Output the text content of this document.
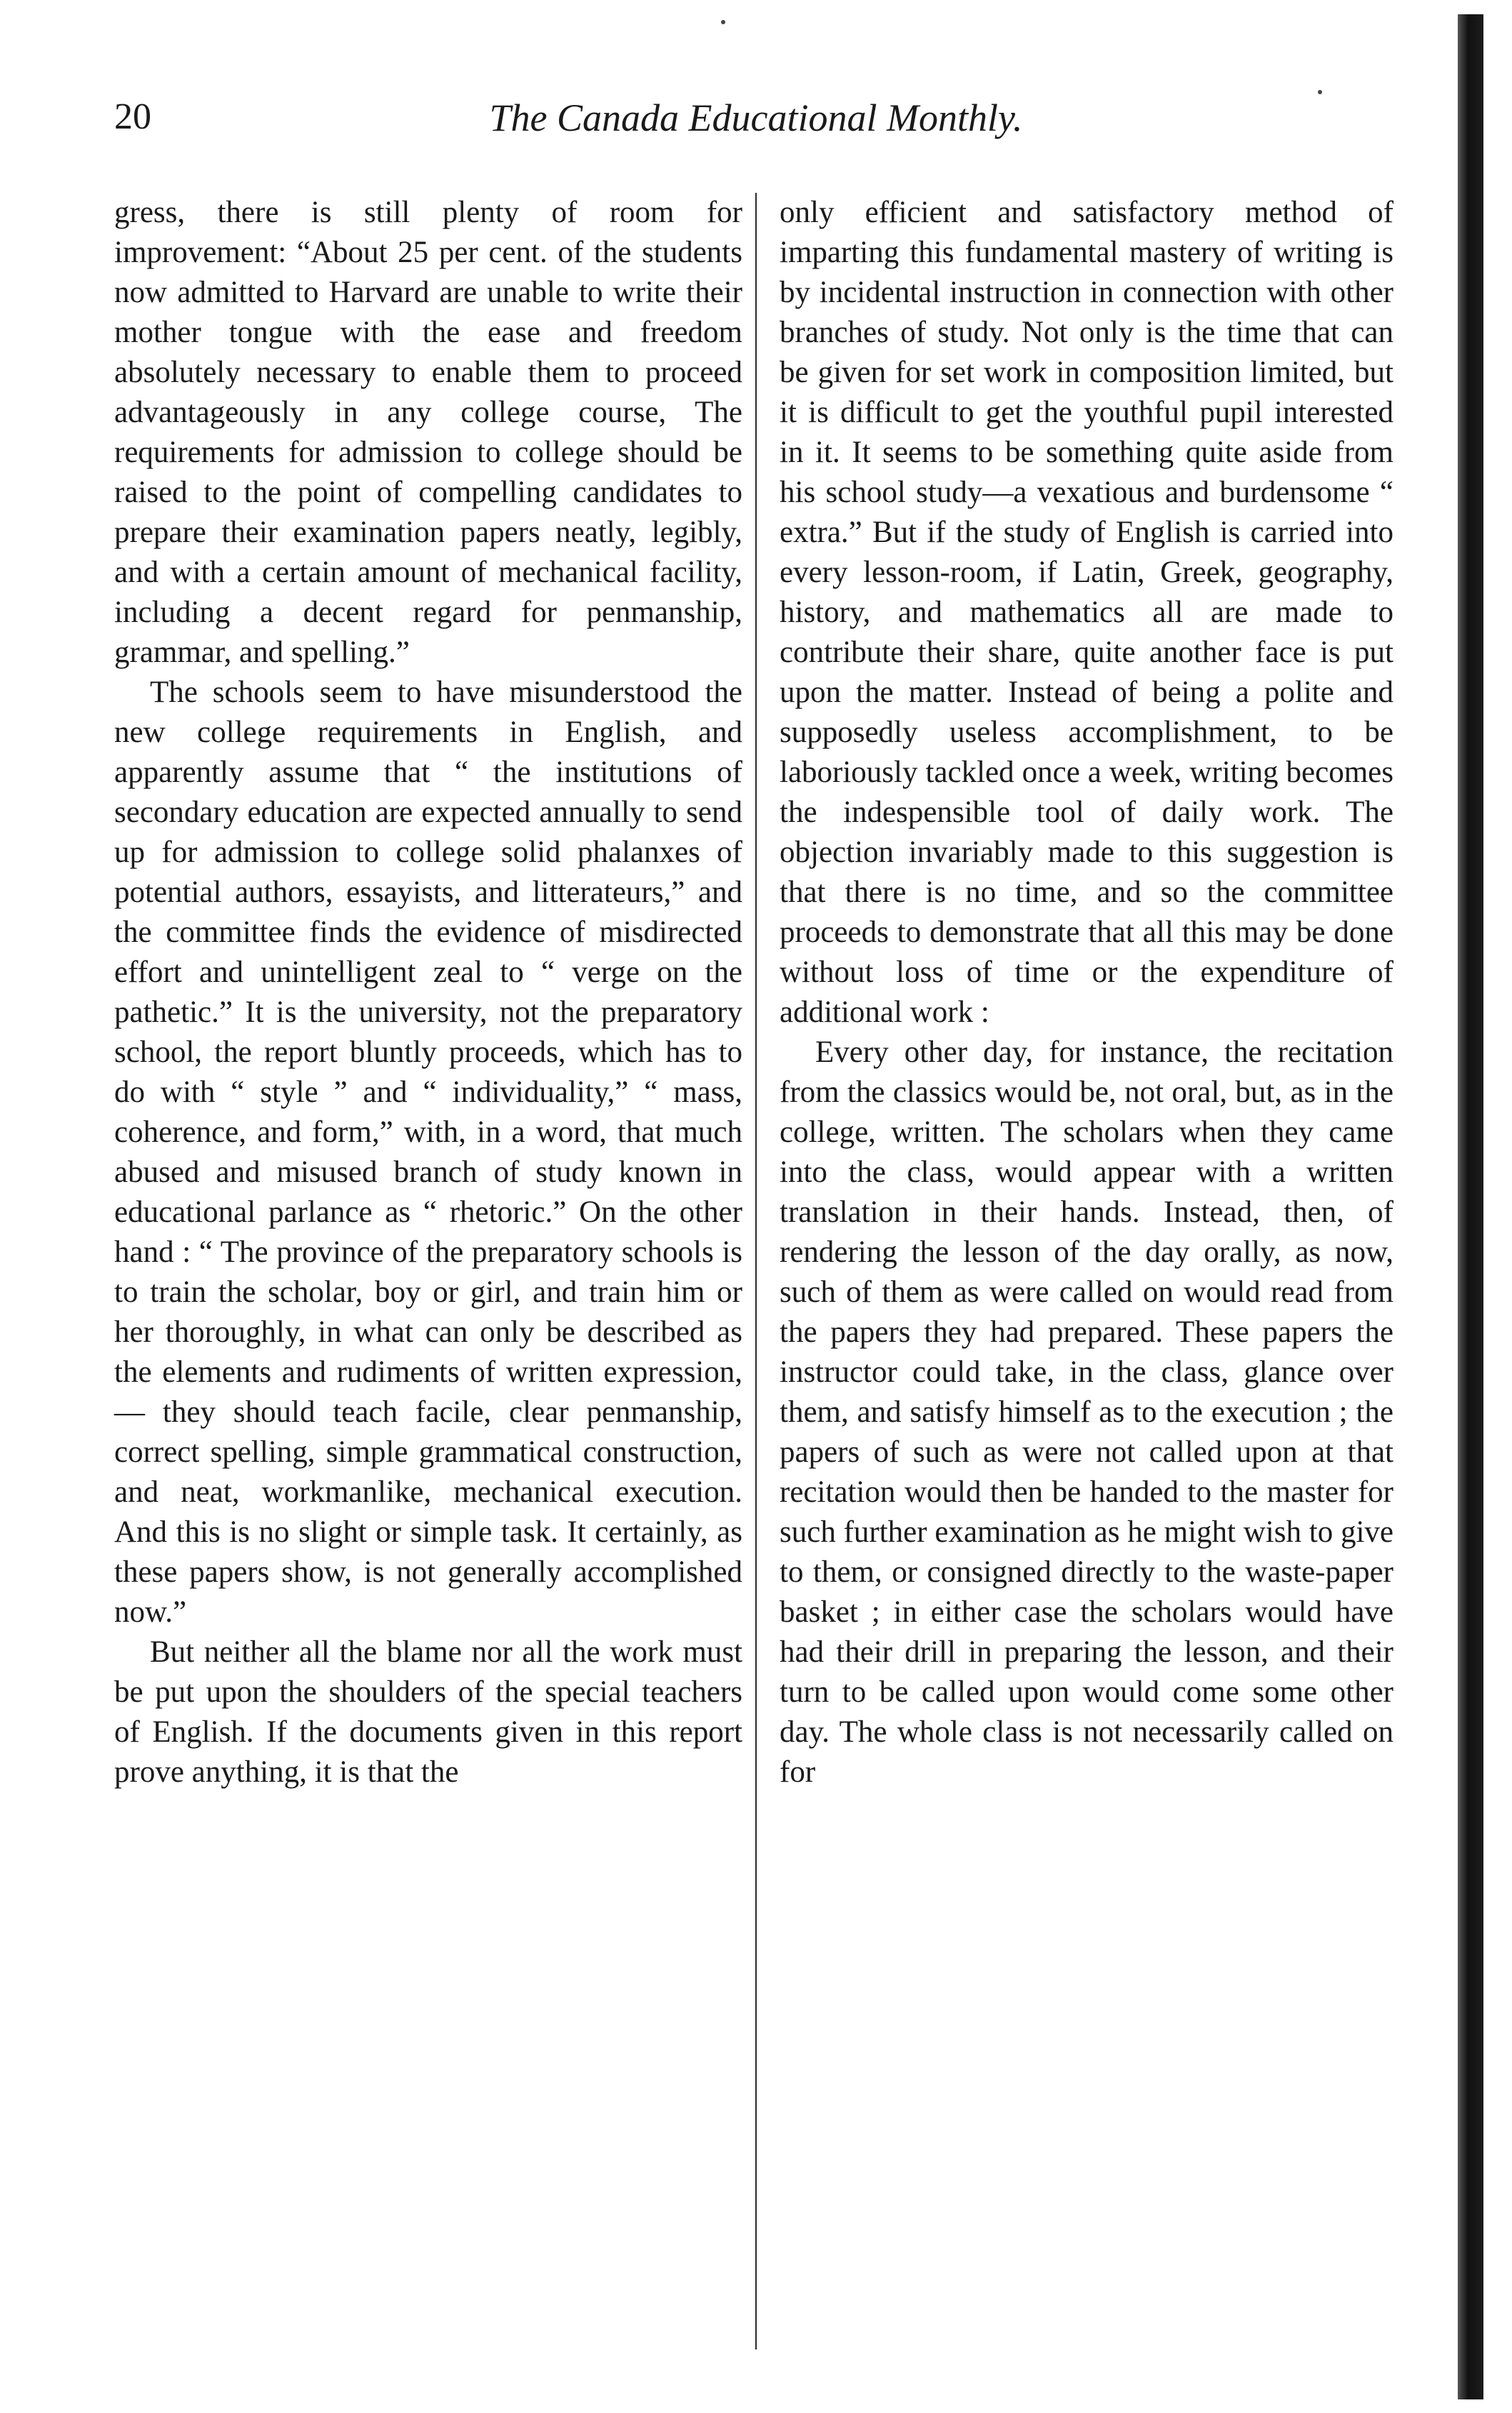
20	The Canada Educational Monthly.

gress, there is still plenty of room for improvement: “About 25 per cent. of the students now admitted to Harvard are unable to write their mother tongue with the ease and freedom absolutely necessary to enable them to proceed advantageously in any college course, The requirements for admission to college should be raised to the point of compelling candidates to prepare their examination papers neatly, legibly, and with a certain amount of mechanical facility, including a decent regard for penmanship, grammar, and spelling.”

The schools seem to have misunderstood the new college requirements in English, and apparently assume that “ the institutions of secondary education are expected annually to send up for admission to college solid phalanxes of potential authors, essayists, and litterateurs,” and the committee finds the evidence of misdirected effort and unintelligent zeal to “ verge on the pathetic.” It is the university, not the preparatory school, the report bluntly proceeds, which has to do with “ style ” and “ individuality,” “ mass, coherence, and form,” with, in a word, that much abused and misused branch of study known in educational parlance as “ rhetoric.” On the other hand : “ The province of the preparatory schools is to train the scholar, boy or girl, and train him or her thoroughly, in what can only be described as the elements and rudiments of written expression,— they should teach facile, clear penmanship, correct spelling, simple grammatical construction, and neat, workmanlike, mechanical execution. And this is no slight or simple task. It certainly, as these papers show, is not generally accomplished now.”

But neither all the blame nor all the work must be put upon the shoulders of the special teachers of English. If the documents given in this report prove anything, it is that the

only efficient and satisfactory method of imparting this fundamental mastery of writing is by incidental instruction in connection with other branches of study. Not only is the time that can be given for set work in composition limited, but it is difficult to get the youthful pupil interested in it. It seems to be something quite aside from his school study—a vexatious and burdensome “ extra.” But if the study of English is carried into every lesson-room, if Latin, Greek, geography, history, and mathematics all are made to contribute their share, quite another face is put upon the matter. Instead of being a polite and supposedly useless accomplishment, to be laboriously tackled once a week, writing becomes the indespensible tool of daily work. The objection invariably made to this suggestion is that there is no time, and so the committee proceeds to demonstrate that all this may be done without loss of time or the expenditure of additional work :

Every other day, for instance, the recitation from the classics would be, not oral, but, as in the college, written. The scholars when they came into the class, would appear with a written translation in their hands. Instead, then, of rendering the lesson of the day orally, as now, such of them as were called on would read from the papers they had prepared. These papers the instructor could take, in the class, glance over them, and satisfy himself as to the execution ; the papers of such as were not called upon at that recitation would then be handed to the master for such further examination as he might wish to give to them, or consigned directly to the waste-paper basket ; in either case the scholars would have had their drill in preparing the lesson, and their turn to be called upon would come some other day. The whole class is not necessarily called on for
